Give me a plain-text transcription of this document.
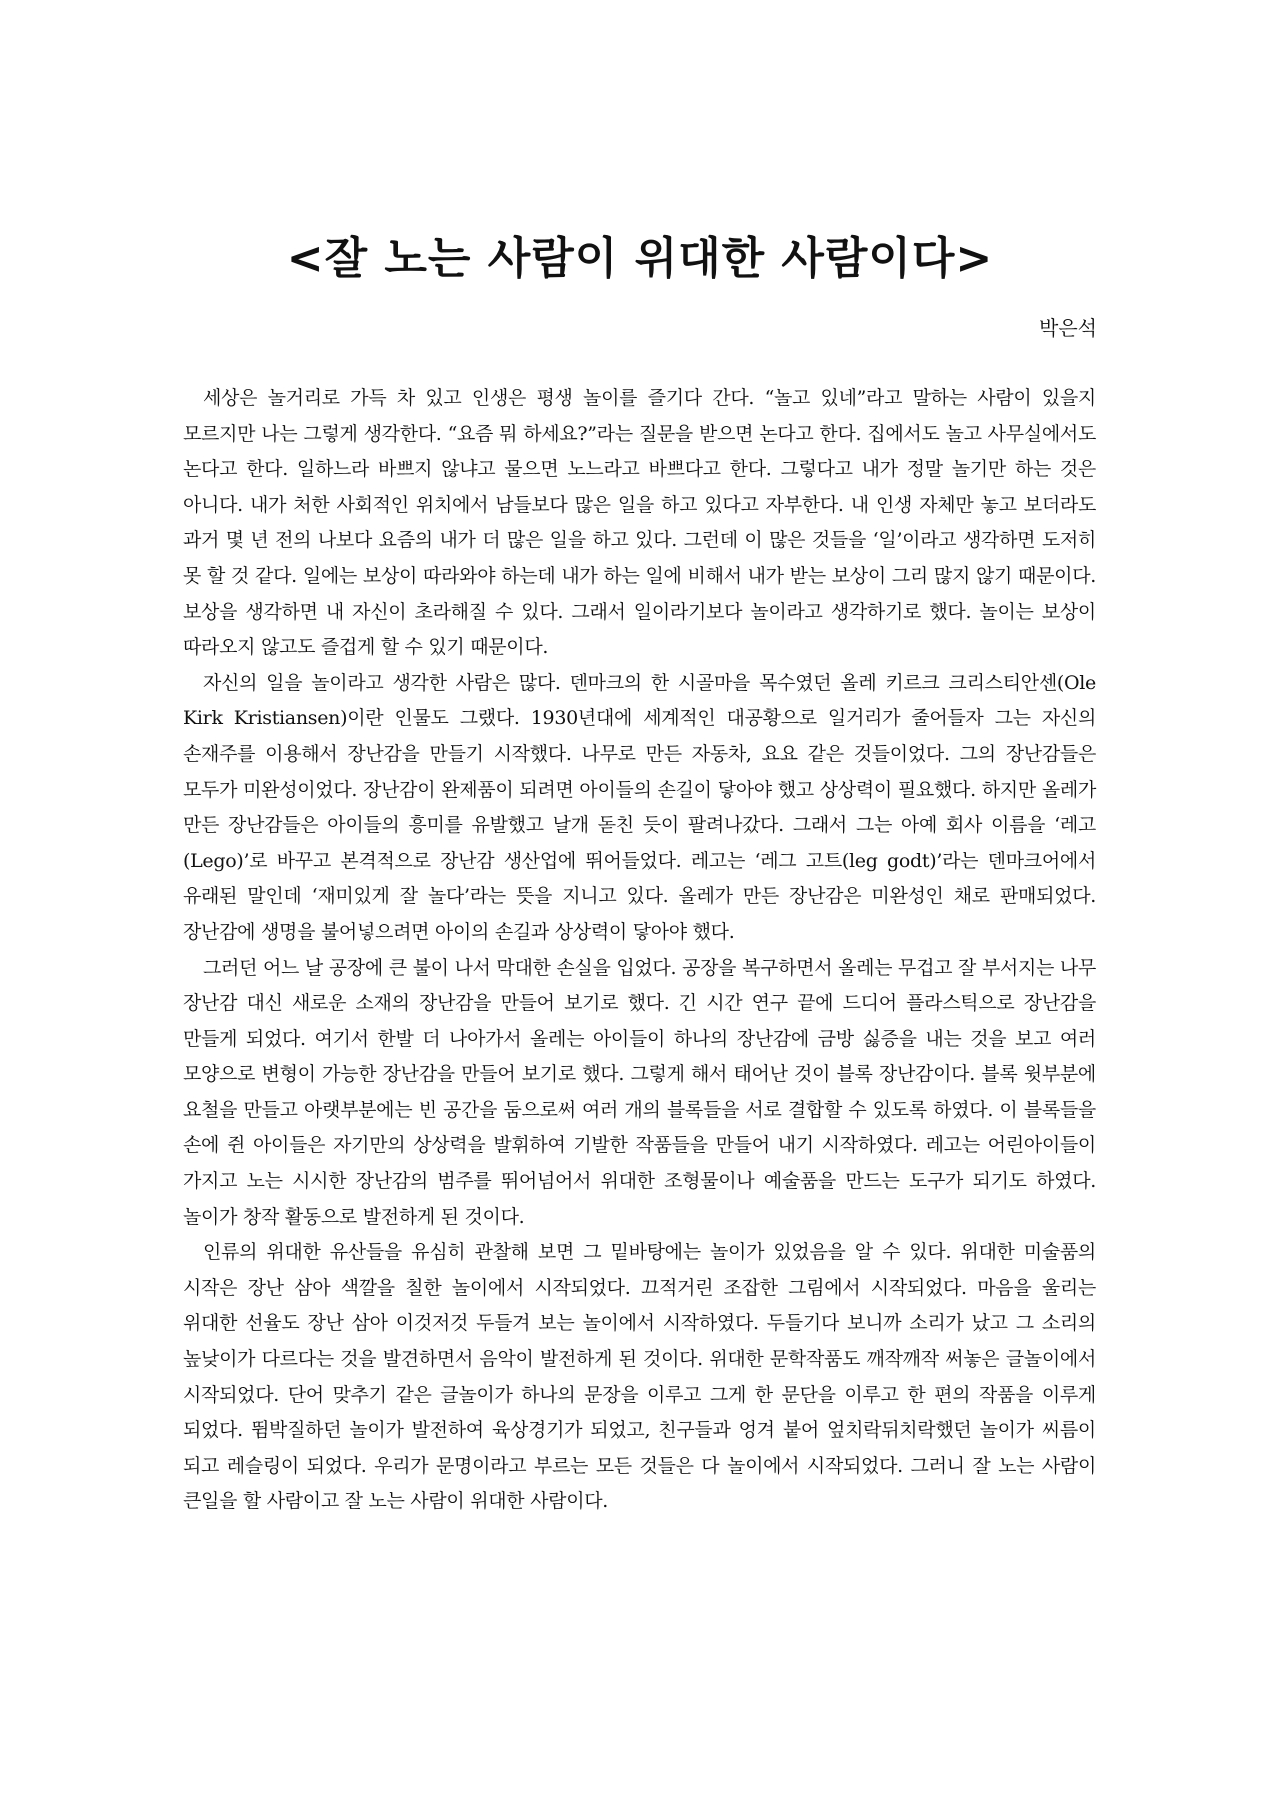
<잘 노는 사람이 위대한 사람이다>
박은석

세상은 놀거리로 가득 차 있고 인생은 평생 놀이를 즐기다 간다. “놀고 있네”라고 말하는 사람이 있을지 모르지만 나는 그렇게 생각한다. “요즘 뭐 하세요?”라는 질문을 받으면 논다고 한다. 집에서도 놀고 사무실에서도 논다고 한다. 일하느라 바쁘지 않냐고 물으면 노느라고 바쁘다고 한다. 그렇다고 내가 정말 놀기만 하는 것은 아니다. 내가 처한 사회적인 위치에서 남들보다 많은 일을 하고 있다고 자부한다. 내 인생 자체만 놓고 보더라도 과거 몇 년 전의 나보다 요즘의 내가 더 많은 일을 하고 있다. 그런데 이 많은 것들을 ‘일’이라고 생각하면 도저히 못 할 것 같다. 일에는 보상이 따라와야 하는데 내가 하는 일에 비해서 내가 받는 보상이 그리 많지 않기 때문이다. 보상을 생각하면 내 자신이 초라해질 수 있다. 그래서 일이라기보다 놀이라고 생각하기로 했다. 놀이는 보상이 따라오지 않고도 즐겁게 할 수 있기 때문이다.

자신의 일을 놀이라고 생각한 사람은 많다. 덴마크의 한 시골마을 목수였던 올레 키르크 크리스티안센(Ole Kirk Kristiansen)이란 인물도 그랬다. 1930년대에 세계적인 대공황으로 일거리가 줄어들자 그는 자신의 손재주를 이용해서 장난감을 만들기 시작했다. 나무로 만든 자동차, 요요 같은 것들이었다. 그의 장난감들은 모두가 미완성이었다. 장난감이 완제품이 되려면 아이들의 손길이 닿아야 했고 상상력이 필요했다. 하지만 올레가 만든 장난감들은 아이들의 흥미를 유발했고 날개 돋친 듯이 팔려나갔다. 그래서 그는 아예 회사 이름을 ‘레고(Lego)’로 바꾸고 본격적으로 장난감 생산업에 뛰어들었다. 레고는 ‘레그 고트(leg godt)’라는 덴마크어에서 유래된 말인데 ‘재미있게 잘 놀다’라는 뜻을 지니고 있다. 올레가 만든 장난감은 미완성인 채로 판매되었다. 장난감에 생명을 불어넣으려면 아이의 손길과 상상력이 닿아야 했다.

그러던 어느 날 공장에 큰 불이 나서 막대한 손실을 입었다. 공장을 복구하면서 올레는 무겁고 잘 부서지는 나무 장난감 대신 새로운 소재의 장난감을 만들어 보기로 했다. 긴 시간 연구 끝에 드디어 플라스틱으로 장난감을 만들게 되었다. 여기서 한발 더 나아가서 올레는 아이들이 하나의 장난감에 금방 싫증을 내는 것을 보고 여러 모양으로 변형이 가능한 장난감을 만들어 보기로 했다. 그렇게 해서 태어난 것이 블록 장난감이다. 블록 윗부분에 요철을 만들고 아랫부분에는 빈 공간을 둠으로써 여러 개의 블록들을 서로 결합할 수 있도록 하였다. 이 블록들을 손에 쥔 아이들은 자기만의 상상력을 발휘하여 기발한 작품들을 만들어 내기 시작하였다. 레고는 어린아이들이 가지고 노는 시시한 장난감의 범주를 뛰어넘어서 위대한 조형물이나 예술품을 만드는 도구가 되기도 하였다. 놀이가 창작 활동으로 발전하게 된 것이다.

인류의 위대한 유산들을 유심히 관찰해 보면 그 밑바탕에는 놀이가 있었음을 알 수 있다. 위대한 미술품의 시작은 장난 삼아 색깔을 칠한 놀이에서 시작되었다. 끄적거린 조잡한 그림에서 시작되었다. 마음을 울리는 위대한 선율도 장난 삼아 이것저것 두들겨 보는 놀이에서 시작하였다. 두들기다 보니까 소리가 났고 그 소리의 높낮이가 다르다는 것을 발견하면서 음악이 발전하게 된 것이다. 위대한 문학작품도 깨작깨작 써놓은 글놀이에서 시작되었다. 단어 맞추기 같은 글놀이가 하나의 문장을 이루고 그게 한 문단을 이루고 한 편의 작품을 이루게 되었다. 뜀박질하던 놀이가 발전하여 육상경기가 되었고, 친구들과 엉겨 붙어 엎치락뒤치락했던 놀이가 씨름이 되고 레슬링이 되었다. 우리가 문명이라고 부르는 모든 것들은 다 놀이에서 시작되었다. 그러니 잘 노는 사람이 큰일을 할 사람이고 잘 노는 사람이 위대한 사람이다.
